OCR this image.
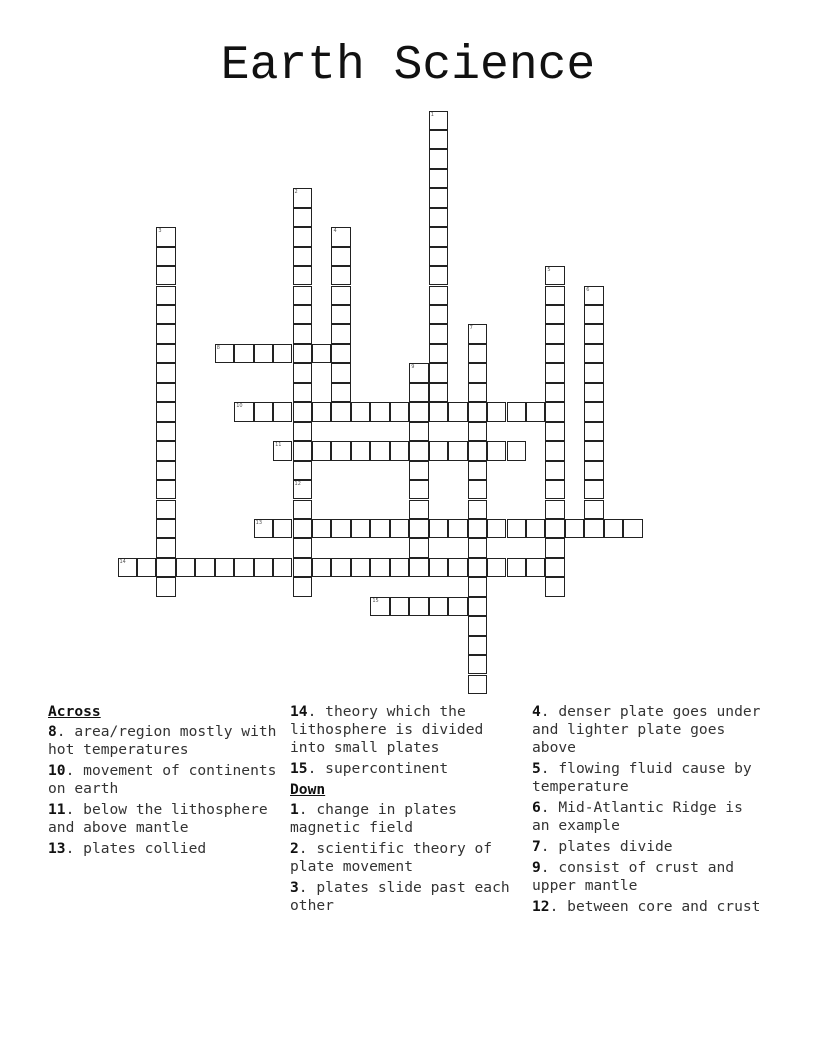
Earth Science
1
2
12
3	4
5
6
7
8
9
10
11
13
14
15
Across
8. area/region mostly with hot temperatures
10. movement of continents on earth
11. below the lithosphere and above mantle
13. plates collied
14. theory which the lithosphere is divided into small plates
15. supercontinent
Down
1. change in plates magnetic field
2. scientific theory of plate movement
3. plates slide past each other
4. denser plate goes under and lighter plate goes above
5. flowing fluid cause by temperature
6. Mid-Atlantic Ridge is an example
7. plates divide
9. consist of crust and upper mantle
12. between core and crust
